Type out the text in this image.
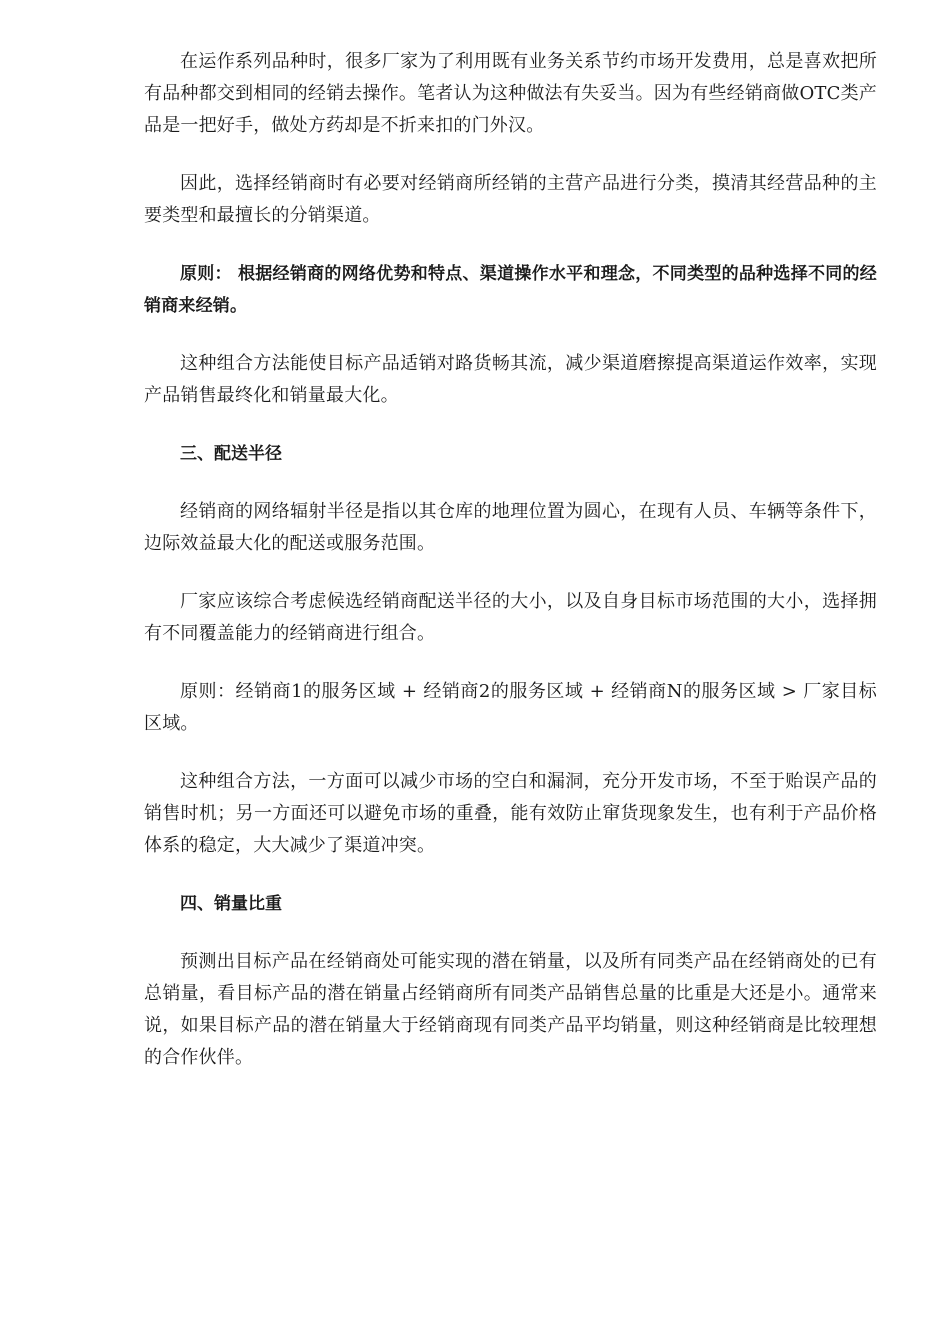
在运作系列品种时，很多厂家为了利用既有业务关系节约市场开发费用，总是喜欢把所有品种都交到相同的经销去操作。笔者认为这种做法有失妥当。因为有些经销商做OTC类产品是一把好手，做处方药却是不折来扣的门外汉。

因此，选择经销商时有必要对经销商所经销的主营产品进行分类，摸清其经营品种的主要类型和最擅长的分销渠道。

原则： 根据经销商的网络优势和特点、渠道操作水平和理念，不同类型的品种选择不同的经销商来经销。

这种组合方法能使目标产品适销对路货畅其流，减少渠道磨擦提高渠道运作效率，实现产品销售最终化和销量最大化。

三、配送半径

经销商的网络辐射半径是指以其仓库的地理位置为圆心，在现有人员、车辆等条件下，边际效益最大化的配送或服务范围。

厂家应该综合考虑候选经销商配送半径的大小，以及自身目标市场范围的大小，选择拥有不同覆盖能力的经销商进行组合。

原则：经销商1的服务区域 + 经销商2的服务区域 + 经销商N的服务区域 > 厂家目标区域。

这种组合方法，一方面可以减少市场的空白和漏洞，充分开发市场，不至于贻误产品的销售时机；另一方面还可以避免市场的重叠，能有效防止窜货现象发生，也有利于产品价格体系的稳定，大大减少了渠道冲突。

四、销量比重

预测出目标产品在经销商处可能实现的潜在销量，以及所有同类产品在经销商处的已有总销量，看目标产品的潜在销量占经销商所有同类产品销售总量的比重是大还是小。通常来说，如果目标产品的潜在销量大于经销商现有同类产品平均销量，则这种经销商是比较理想的合作伙伴。
